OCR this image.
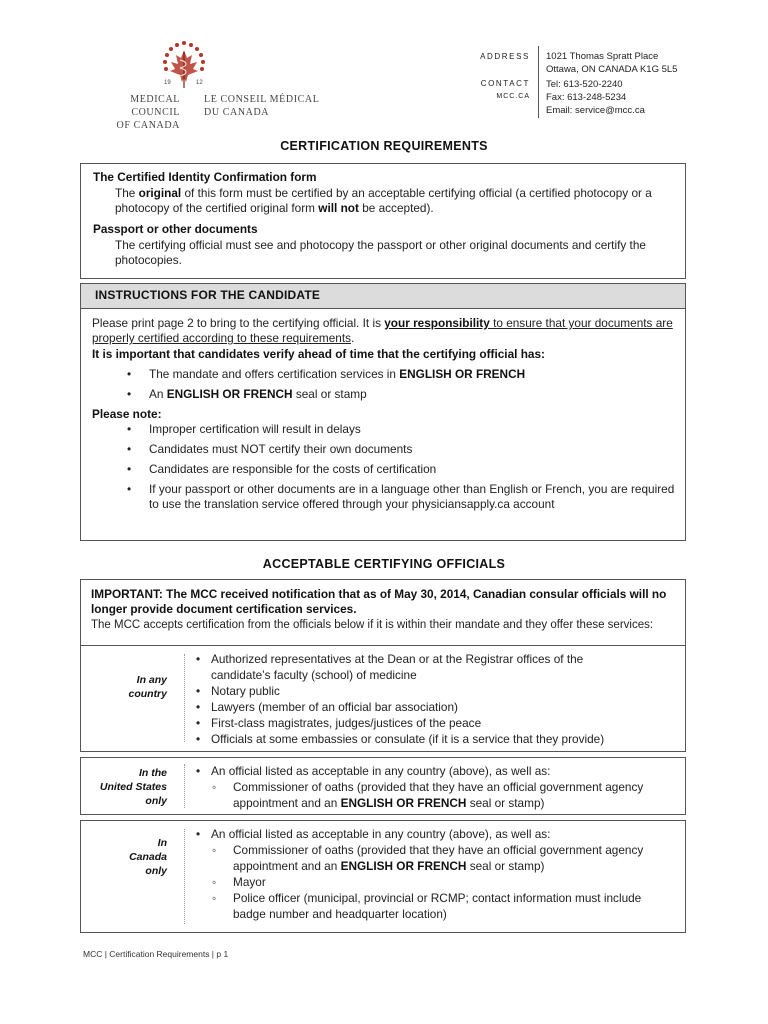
19	12
MEDICAL COUNCIL
OF CANADA
LE CONSEIL MÉDICAL
DU CANADA
ADDRESS
CONTACT
MCC.CA
1021 Thomas Spratt Place
Ottawa, ON CANADA K1G 5L5
Tel: 613-520-2240
Fax: 613-248-5234
Email: service@mcc.ca
CERTIFICATION REQUIREMENTS
The Certified Identity Confirmation form
The original of this form must be certified by an acceptable certifying official (a certified photocopy or a photocopy of the certified original form will not be accepted).
Passport or other documents
The certifying official must see and photocopy the passport or other original documents and certify the photocopies.
INSTRUCTIONS FOR THE CANDIDATE
Please print page 2 to bring to the certifying official. It is your responsibility to ensure that your documents are properly certified according to these requirements.
It is important that candidates verify ahead of time that the certifying official has:
• The mandate and offers certification services in ENGLISH OR FRENCH
• An ENGLISH OR FRENCH seal or stamp
Please note:
• Improper certification will result in delays
• Candidates must NOT certify their own documents
• Candidates are responsible for the costs of certification
• If your passport or other documents are in a language other than English or French, you are required to use the translation service offered through your physiciansapply.ca account
ACCEPTABLE CERTIFYING OFFICIALS
IMPORTANT: The MCC received notification that as of May 30, 2014, Canadian consular officials will no longer provide document certification services.
The MCC accepts certification from the officials below if it is within their mandate and they offer these services:
In any
country
• Authorized representatives at the Dean or at the Registrar offices of the candidate’s faculty (school) of medicine
• Notary public
• Lawyers (member of an official bar association)
• First-class magistrates, judges/justices of the peace
• Officials at some embassies or consulate (if it is a service that they provide)
In the
United States
only
• An official listed as acceptable in any country (above), as well as:
◦ Commissioner of oaths (provided that they have an official government agency appointment and an ENGLISH OR FRENCH seal or stamp)
In
Canada
only
• An official listed as acceptable in any country (above), as well as:
◦ Commissioner of oaths (provided that they have an official government agency appointment and an ENGLISH OR FRENCH seal or stamp)
◦ Mayor
◦ Police officer (municipal, provincial or RCMP; contact information must include badge number and headquarter location)
MCC | Certification Requirements | p 1
